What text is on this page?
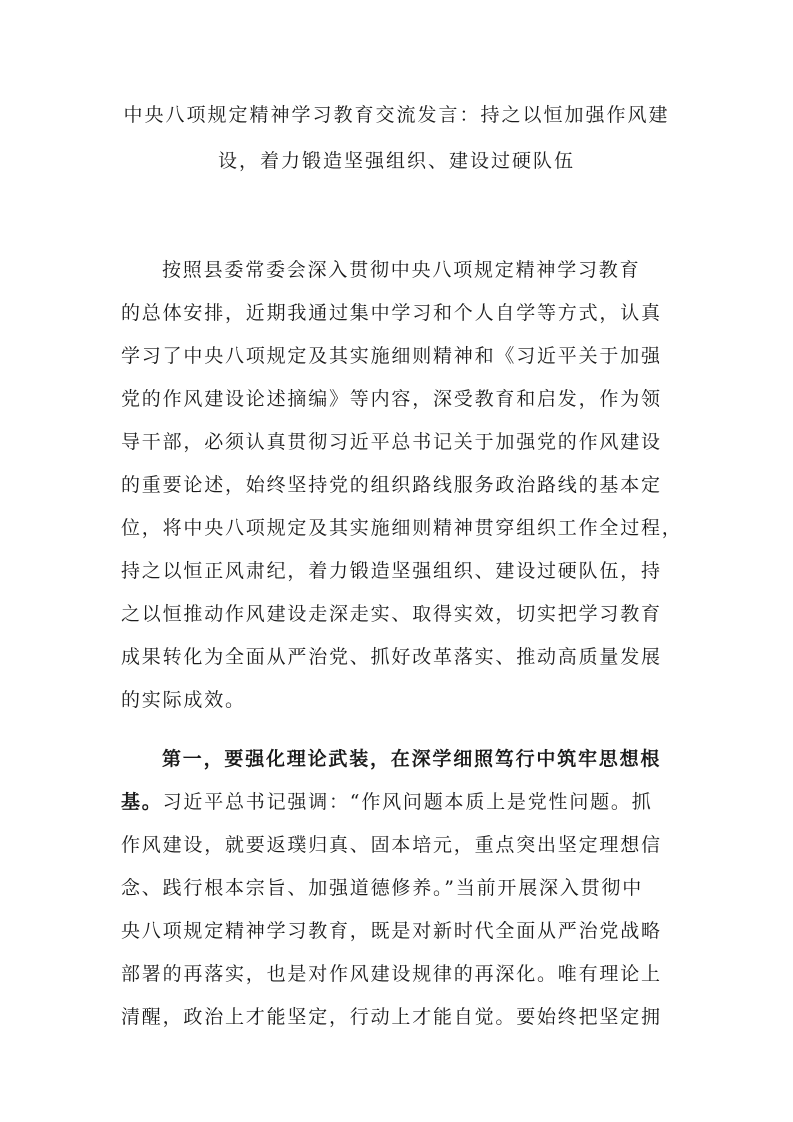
中央八项规定精神学习教育交流发言：持之以恒加强作风建
设，着力锻造坚强组织、建设过硬队伍
按照县委常委会深入贯彻中央八项规定精神学习教育
的总体安排，近期我通过集中学习和个人自学等方式，认真
学习了中央八项规定及其实施细则精神和《习近平关于加强
党的作风建设论述摘编》等内容，深受教育和启发，作为领
导干部，必须认真贯彻习近平总书记关于加强党的作风建设
的重要论述，始终坚持党的组织路线服务政治路线的基本定
位，将中央八项规定及其实施细则精神贯穿组织工作全过程，
持之以恒正风肃纪，着力锻造坚强组织、建设过硬队伍，持
之以恒推动作风建设走深走实、取得实效，切实把学习教育
成果转化为全面从严治党、抓好改革落实、推动高质量发展
的实际成效。
第一，要强化理论武装，在深学细照笃行中筑牢思想根
基。习近平总书记强调：“作风问题本质上是党性问题。抓
作风建设，就要返璞归真、固本培元，重点突出坚定理想信
念、践行根本宗旨、加强道德修养。”当前开展深入贯彻中
央八项规定精神学习教育，既是对新时代全面从严治党战略
部署的再落实，也是对作风建设规律的再深化。唯有理论上
清醒，政治上才能坚定，行动上才能自觉。要始终把坚定拥
